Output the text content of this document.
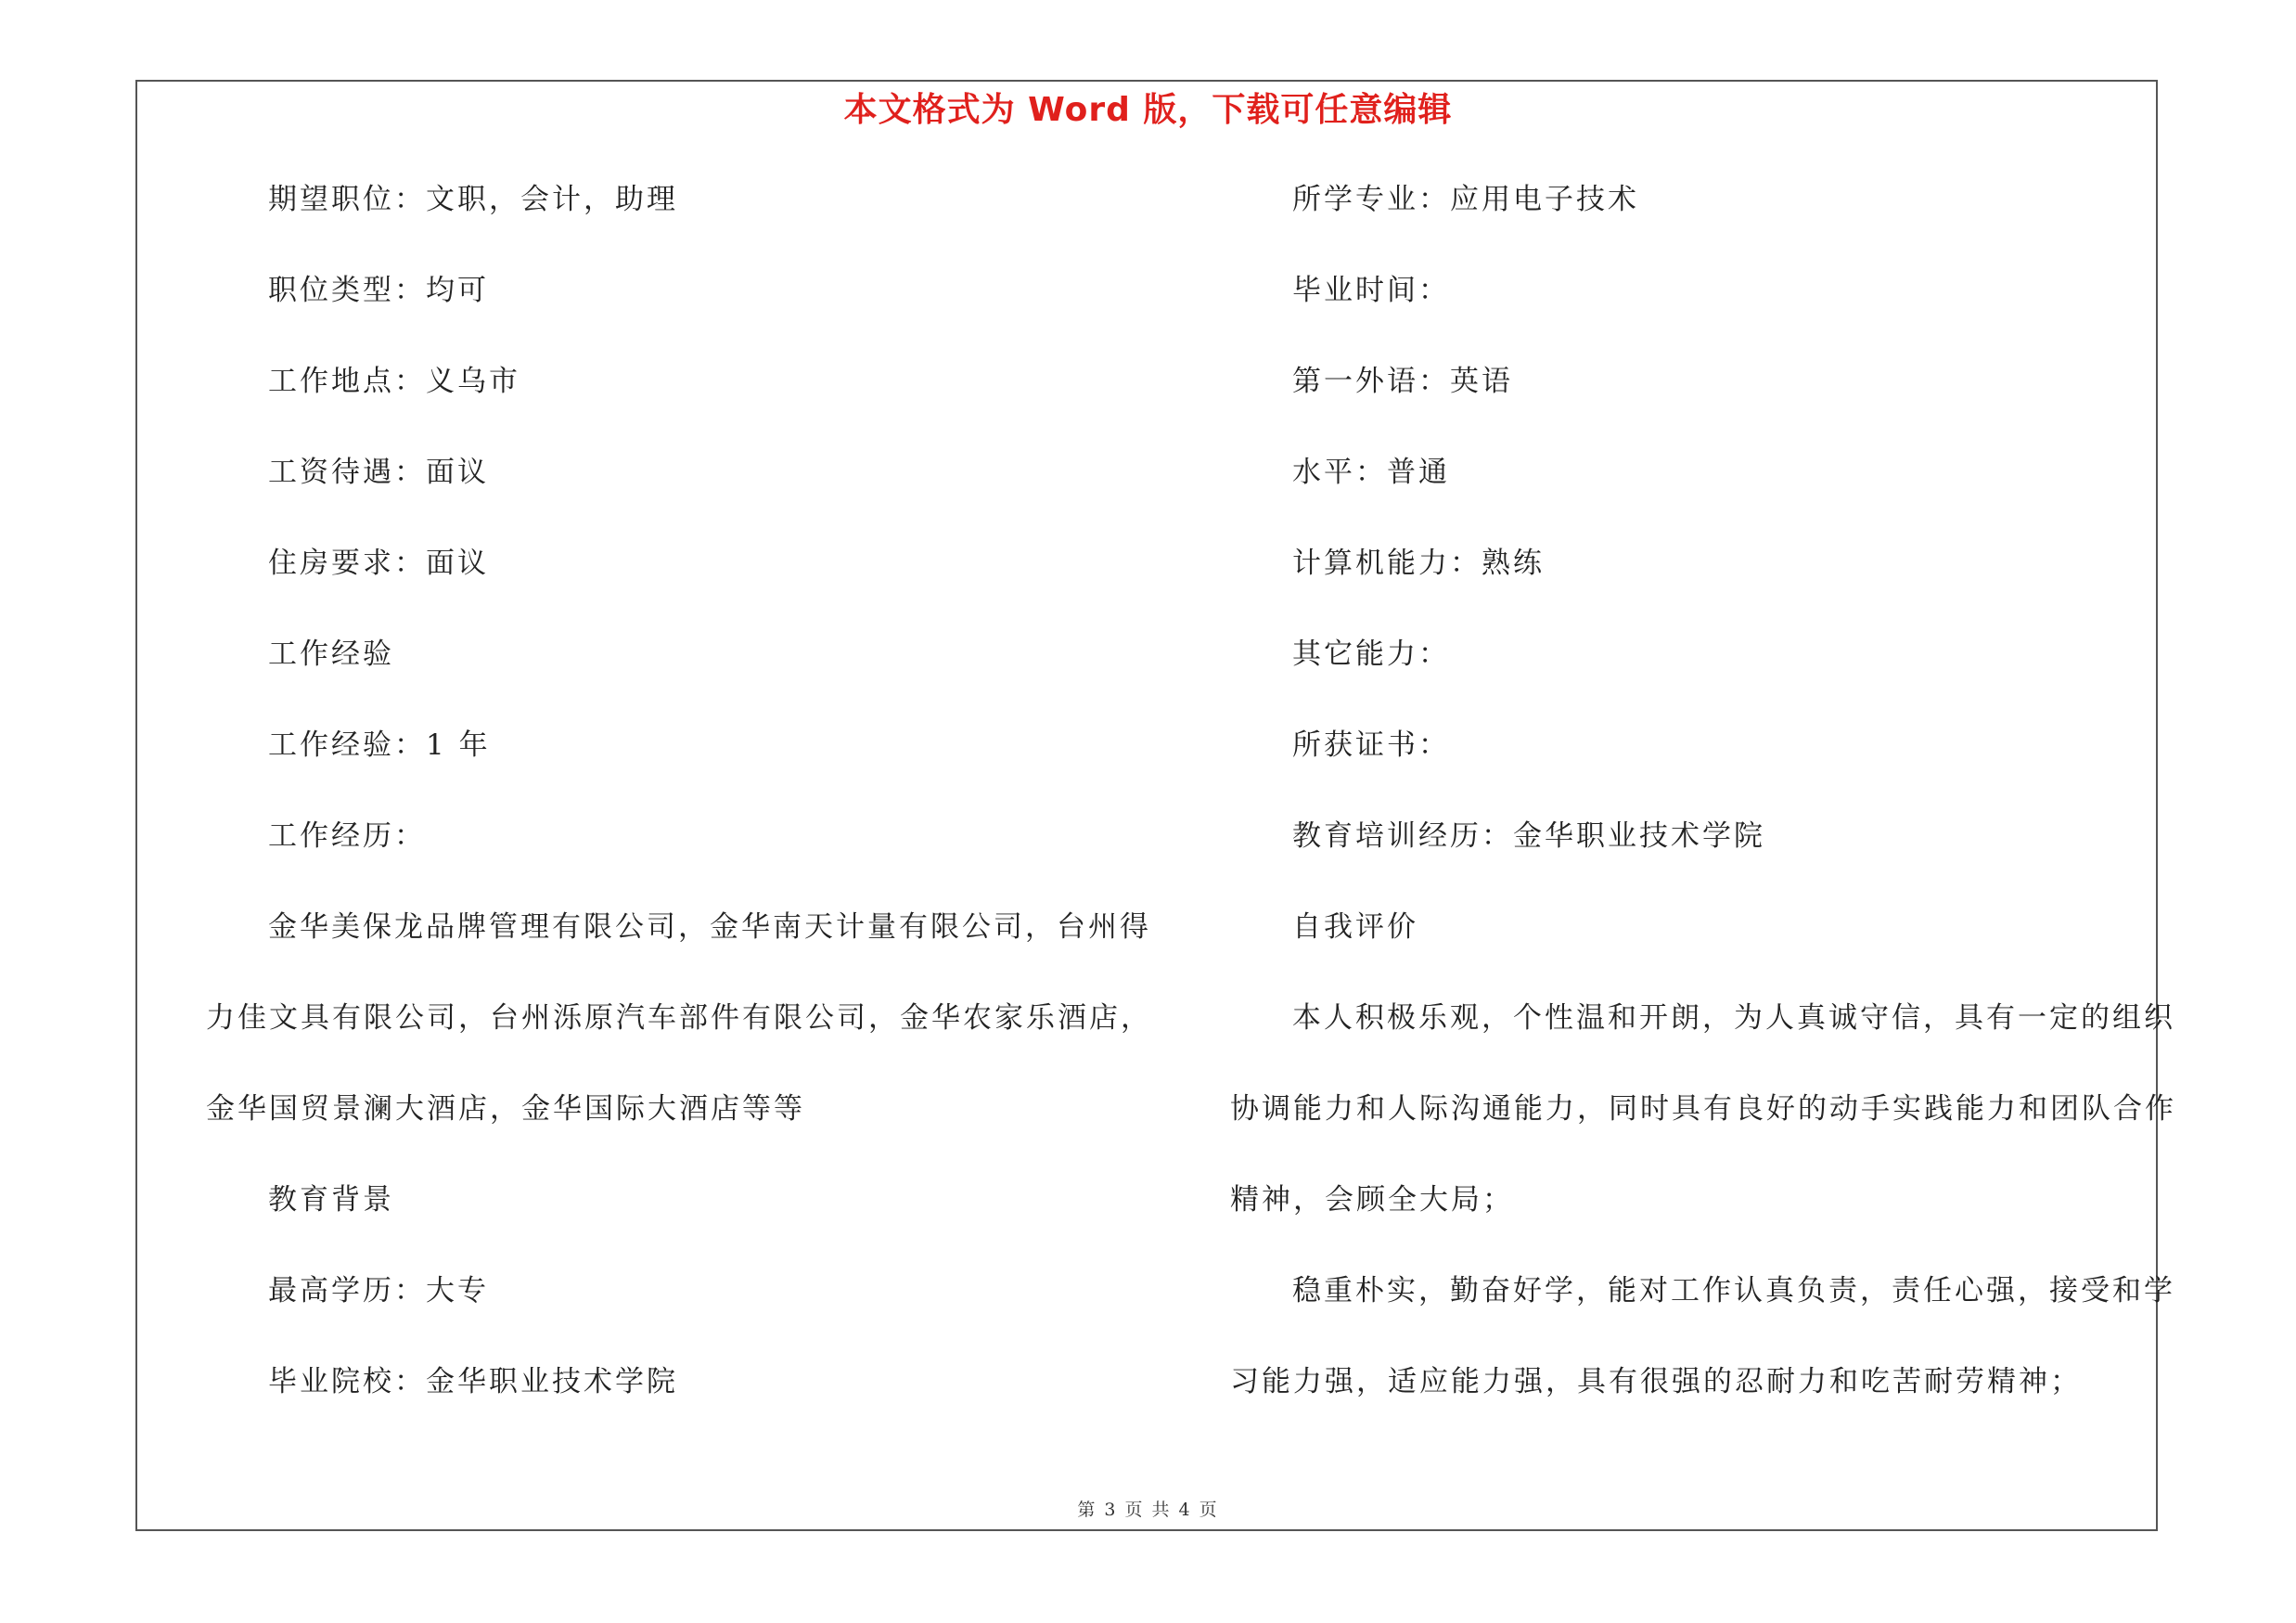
本文格式为 Word 版，下载可任意编辑
期望职位：文职，会计，助理
职位类型：均可
工作地点：义乌市
工资待遇：面议
住房要求：面议
工作经验
工作经验：1 年
工作经历：
金华美保龙品牌管理有限公司，金华南天计量有限公司，台州得
力佳文具有限公司，台州泺原汽车部件有限公司，金华农家乐酒店，
金华国贸景澜大酒店，金华国际大酒店等等
教育背景
最高学历：大专
毕业院校：金华职业技术学院
所学专业：应用电子技术
毕业时间：
第一外语：英语
水平：普通
计算机能力：熟练
其它能力：
所获证书：
教育培训经历：金华职业技术学院
自我评价
本人积极乐观，个性温和开朗，为人真诚守信，具有一定的组织
协调能力和人际沟通能力，同时具有良好的动手实践能力和团队合作
精神，会顾全大局；
稳重朴实，勤奋好学，能对工作认真负责，责任心强，接受和学
习能力强，适应能力强，具有很强的忍耐力和吃苦耐劳精神；
第 3 页 共 4 页
